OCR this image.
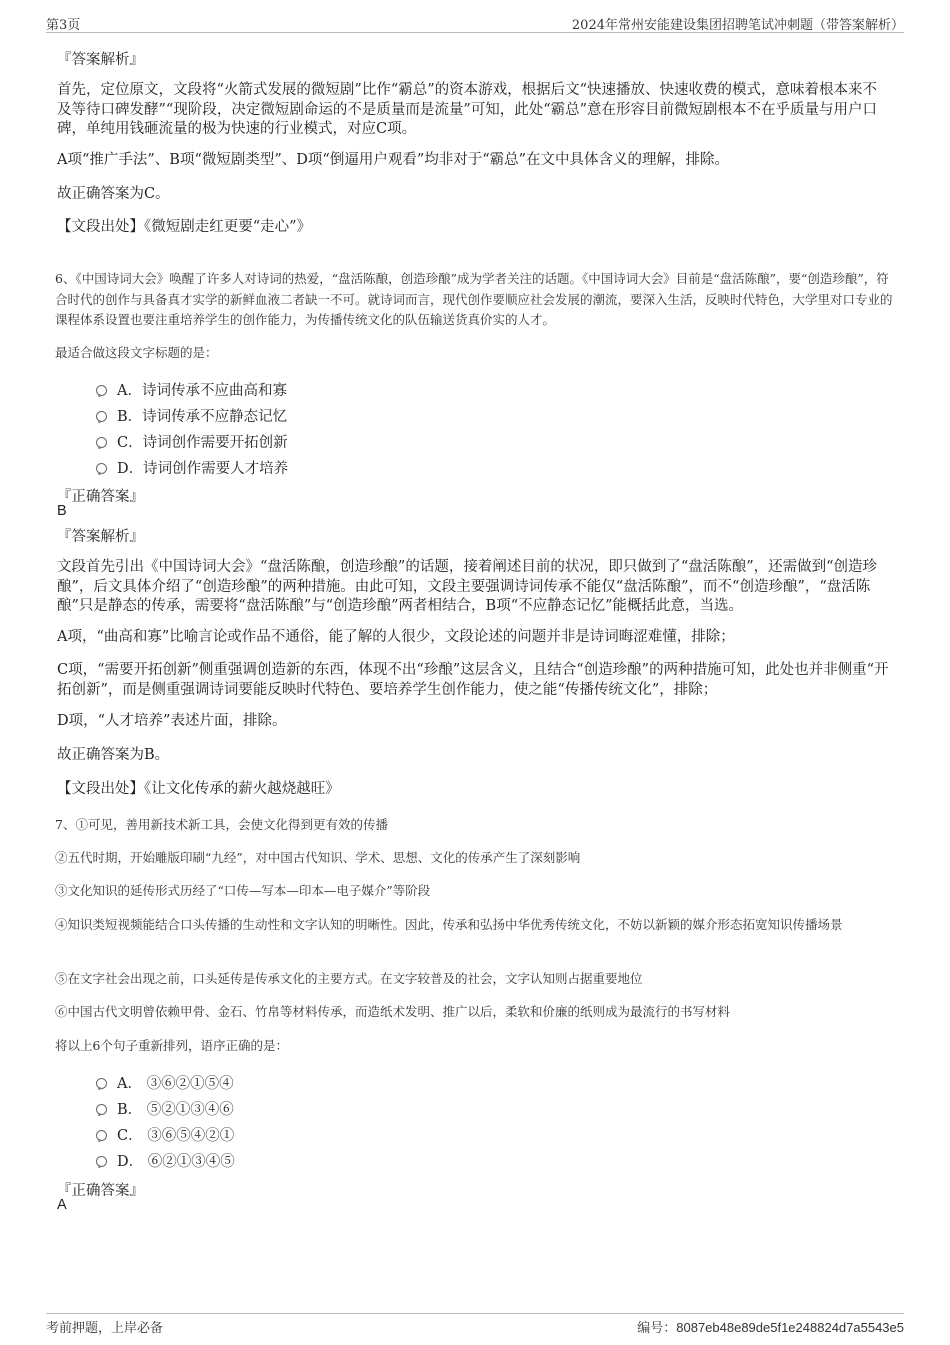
第3页	2024年常州安能建设集团招聘笔试冲刺题（带答案解析）
『答案解析』
首先，定位原文，文段将“火箭式发展的微短剧”比作“霸总”的资本游戏，根据后文“快速播放、快速收费的模式，意味着根本来不及等待口碑发酵”“现阶段，决定微短剧命运的不是质量而是流量”可知，此处“霸总”意在形容目前微短剧根本不在乎质量与用户口碑，单纯用钱砸流量的极为快速的行业模式，对应C项。
A项“推广手法”、B项“微短剧类型”、D项“倒逼用户观看”均非对于“霸总”在文中具体含义的理解，排除。
故正确答案为C。
【文段出处】《微短剧走红更要“走心”》
6、《中国诗词大会》唤醒了许多人对诗词的热爱，“盘活陈酿，创造珍酿”成为学者关注的话题。《中国诗词大会》目前是“盘活陈酿”，要“创造珍酿”，符合时代的创作与具备真才实学的新鲜血液二者缺一不可。就诗词而言，现代创作要顺应社会发展的潮流，要深入生活，反映时代特色，大学里对口专业的课程体系设置也要注重培养学生的创作能力，为传播传统文化的队伍输送货真价实的人才。
最适合做这段文字标题的是：
A．诗词传承不应曲高和寡
B．诗词传承不应静态记忆
C．诗词创作需要开拓创新
D．诗词创作需要人才培养
『正确答案』
B
『答案解析』
文段首先引出《中国诗词大会》“盘活陈酿，创造珍酿”的话题，接着阐述目前的状况，即只做到了“盘活陈酿”，还需做到“创造珍酿”，后文具体介绍了“创造珍酿”的两种措施。由此可知，文段主要强调诗词传承不能仅“盘活陈酿”，而不“创造珍酿”，“盘活陈酿”只是静态的传承，需要将“盘活陈酿”与“创造珍酿”两者相结合，B项“不应静态记忆”能概括此意，当选。
A项，“曲高和寡”比喻言论或作品不通俗，能了解的人很少，文段论述的问题并非是诗词晦涩难懂，排除；
C项，“需要开拓创新”侧重强调创造新的东西，体现不出“珍酿”这层含义，且结合“创造珍酿”的两种措施可知，此处也并非侧重“开拓创新”，而是侧重强调诗词要能反映时代特色、要培养学生创作能力，使之能“传播传统文化”，排除；
D项，“人才培养”表述片面，排除。
故正确答案为B。
【文段出处】《让文化传承的薪火越烧越旺》
7、①可见，善用新技术新工具，会使文化得到更有效的传播
②五代时期，开始雕版印刷“九经”，对中国古代知识、学术、思想、文化的传承产生了深刻影响
③文化知识的延传形式历经了“口传—写本—印本—电子媒介”等阶段
④知识类短视频能结合口头传播的生动性和文字认知的明晰性。因此，传承和弘扬中华优秀传统文化，不妨以新颖的媒介形态拓宽知识传播场景
⑤在文字社会出现之前，口头延传是传承文化的主要方式。在文字较普及的社会，文字认知则占据重要地位
⑥中国古代文明曾依赖甲骨、金石、竹帛等材料传承，而造纸术发明、推广以后，柔软和价廉的纸则成为最流行的书写材料
将以上6个句子重新排列，语序正确的是：
A． ③⑥②①⑤④
B． ⑤②①③④⑥
C． ③⑥⑤④②①
D． ⑥②①③④⑤
『正确答案』
A
考前押题，上岸必备	编号：8087eb48e89de5f1e248824d7a5543e5
